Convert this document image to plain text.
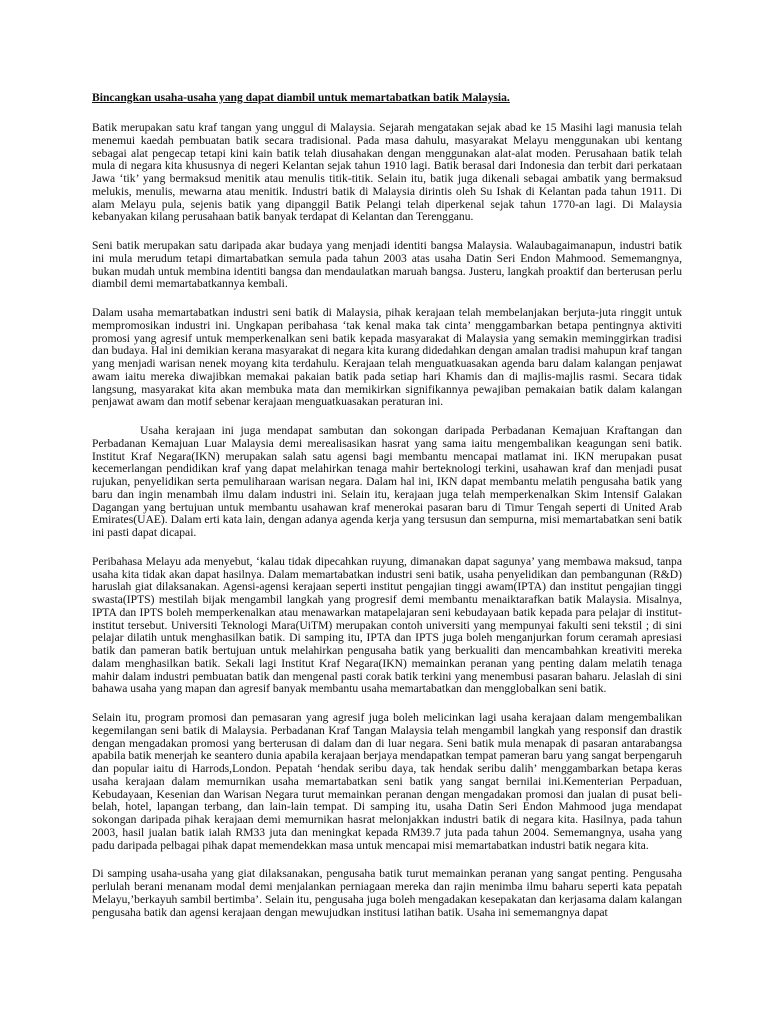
Bincangkan usaha-usaha yang dapat diambil untuk memartabatkan batik Malaysia.

Batik merupakan satu kraf tangan yang unggul di Malaysia. Sejarah mengatakan sejak abad ke 15 Masihi lagi manusia telah menemui kaedah pembuatan batik secara tradisional. Pada masa dahulu, masyarakat Melayu menggunakan ubi kentang sebagai alat pengecap tetapi kini kain batik telah diusahakan dengan menggunakan alat-alat moden. Perusahaan batik telah mula di negara kita khususnya di negeri Kelantan sejak tahun 1910 lagi. Batik berasal dari Indonesia dan terbit dari perkataan Jawa ‘tik’ yang bermaksud menitik atau menulis titik-titik. Selain itu, batik juga dikenali sebagai ambatik yang bermaksud melukis, menulis, mewarna atau menitik. Industri batik di Malaysia dirintis oleh Su Ishak di Kelantan pada tahun 1911. Di alam Melayu pula, sejenis batik yang dipanggil Batik Pelangi telah diperkenal sejak tahun 1770-an lagi. Di Malaysia kebanyakan kilang perusahaan batik banyak terdapat di Kelantan dan Terengganu.

Seni batik merupakan satu daripada akar budaya yang menjadi identiti bangsa Malaysia. Walaubagaimanapun, industri batik ini mula merudum tetapi dimartabatkan semula pada tahun 2003 atas usaha Datin Seri Endon Mahmood. Sememangnya, bukan mudah untuk membina identiti bangsa dan mendaulatkan maruah bangsa. Justeru, langkah proaktif dan berterusan perlu diambil demi memartabatkannya kembali.

Dalam usaha memartabatkan industri seni batik di Malaysia, pihak kerajaan telah membelanjakan berjuta-juta ringgit untuk mempromosikan industri ini. Ungkapan peribahasa ‘tak kenal maka tak cinta’ menggambarkan betapa pentingnya aktiviti promosi yang agresif untuk memperkenalkan seni batik kepada masyarakat di Malaysia yang semakin meminggirkan tradisi dan budaya. Hal ini demikian kerana masyarakat di negara kita kurang didedahkan dengan amalan tradisi mahupun kraf tangan yang menjadi warisan nenek moyang kita terdahulu. Kerajaan telah menguatkuasakan agenda baru dalam kalangan penjawat awam iaitu mereka diwajibkan memakai pakaian batik pada setiap hari Khamis dan di majlis-majlis rasmi. Secara tidak langsung, masyarakat kita akan membuka mata dan memikirkan signifikannya pewajiban pemakaian batik dalam kalangan penjawat awam dan motif sebenar kerajaan menguatkuasakan peraturan ini.

Usaha kerajaan ini juga mendapat sambutan dan sokongan daripada Perbadanan Kemajuan Kraftangan dan Perbadanan Kemajuan Luar Malaysia demi merealisasikan hasrat yang sama iaitu mengembalikan keagungan seni batik. Institut Kraf Negara(IKN) merupakan salah satu agensi bagi membantu mencapai matlamat ini. IKN merupakan pusat kecemerlangan pendidikan kraf yang dapat melahirkan tenaga mahir berteknologi terkini, usahawan kraf dan menjadi pusat rujukan, penyelidikan serta pemuliharaan warisan negara. Dalam hal ini, IKN dapat membantu melatih pengusaha batik yang baru dan ingin menambah ilmu dalam industri ini. Selain itu, kerajaan juga telah memperkenalkan Skim Intensif Galakan Dagangan yang bertujuan untuk membantu usahawan kraf menerokai pasaran baru di Timur Tengah seperti di United Arab Emirates(UAE). Dalam erti kata lain, dengan adanya agenda kerja yang tersusun dan sempurna, misi memartabatkan seni batik ini pasti dapat dicapai.

Peribahasa Melayu ada menyebut, ‘kalau tidak dipecahkan ruyung, dimanakan dapat sagunya’ yang membawa maksud, tanpa usaha kita tidak akan dapat hasilnya. Dalam memartabatkan industri seni batik, usaha penyelidikan dan pembangunan (R&D) haruslah giat dilaksanakan. Agensi-agensi kerajaan seperti institut pengajian tinggi awam(IPTA) dan institut pengajian tinggi swasta(IPTS) mestilah bijak mengambil langkah yang progresif demi membantu menaiktarafkan batik Malaysia. Misalnya, IPTA dan IPTS boleh memperkenalkan atau menawarkan matapelajaran seni kebudayaan batik kepada para pelajar di institut-institut tersebut. Universiti Teknologi Mara(UiTM) merupakan contoh universiti yang mempunyai fakulti seni tekstil ; di sini pelajar dilatih untuk menghasilkan batik. Di samping itu, IPTA dan IPTS juga boleh menganjurkan forum ceramah apresiasi batik dan pameran batik bertujuan untuk melahirkan pengusaha batik yang berkualiti dan mencambahkan kreativiti mereka dalam menghasilkan batik. Sekali lagi Institut Kraf Negara(IKN) memainkan peranan yang penting dalam melatih tenaga mahir dalam industri pembuatan batik dan mengenal pasti corak batik terkini yang menembusi pasaran baharu. Jelaslah di sini bahawa usaha yang mapan dan agresif banyak membantu usaha memartabatkan dan mengglobalkan seni batik.

Selain itu, program promosi dan pemasaran yang agresif juga boleh melicinkan lagi usaha kerajaan dalam mengembalikan kegemilangan seni batik di Malaysia. Perbadanan Kraf Tangan Malaysia telah mengambil langkah yang responsif dan drastik dengan mengadakan promosi yang berterusan di dalam dan di luar negara. Seni batik mula menapak di pasaran antarabangsa apabila batik menerjah ke seantero dunia apabila kerajaan berjaya mendapatkan tempat pameran baru yang sangat berpengaruh dan popular iaitu di Harrods,London. Pepatah ‘hendak seribu daya, tak hendak seribu dalih’ menggambarkan betapa keras usaha kerajaan dalam memurnikan usaha memartabatkan seni batik yang sangat bernilai ini.Kementerian Perpaduan, Kebudayaan, Kesenian dan Warisan Negara turut memainkan peranan dengan mengadakan promosi dan jualan di pusat beli-belah, hotel, lapangan terbang, dan lain-lain tempat. Di samping itu, usaha Datin Seri Endon Mahmood juga mendapat sokongan daripada pihak kerajaan demi memurnikan hasrat melonjakkan industri batik di negara kita. Hasilnya, pada tahun 2003, hasil jualan batik ialah RM33 juta dan meningkat kepada RM39.7 juta pada tahun 2004. Sememangnya, usaha yang padu daripada pelbagai pihak dapat memendekkan masa untuk mencapai misi memartabatkan industri batik negara kita.

Di samping usaha-usaha yang giat dilaksanakan, pengusaha batik turut memainkan peranan yang sangat penting. Pengusaha perlulah berani menanam modal demi menjalankan perniagaan mereka dan rajin menimba ilmu baharu seperti kata pepatah Melayu,’berkayuh sambil bertimba’. Selain itu, pengusaha juga boleh mengadakan kesepakatan dan kerjasama dalam kalangan pengusaha batik dan agensi kerajaan dengan mewujudkan institusi latihan batik. Usaha ini sememangnya dapat
